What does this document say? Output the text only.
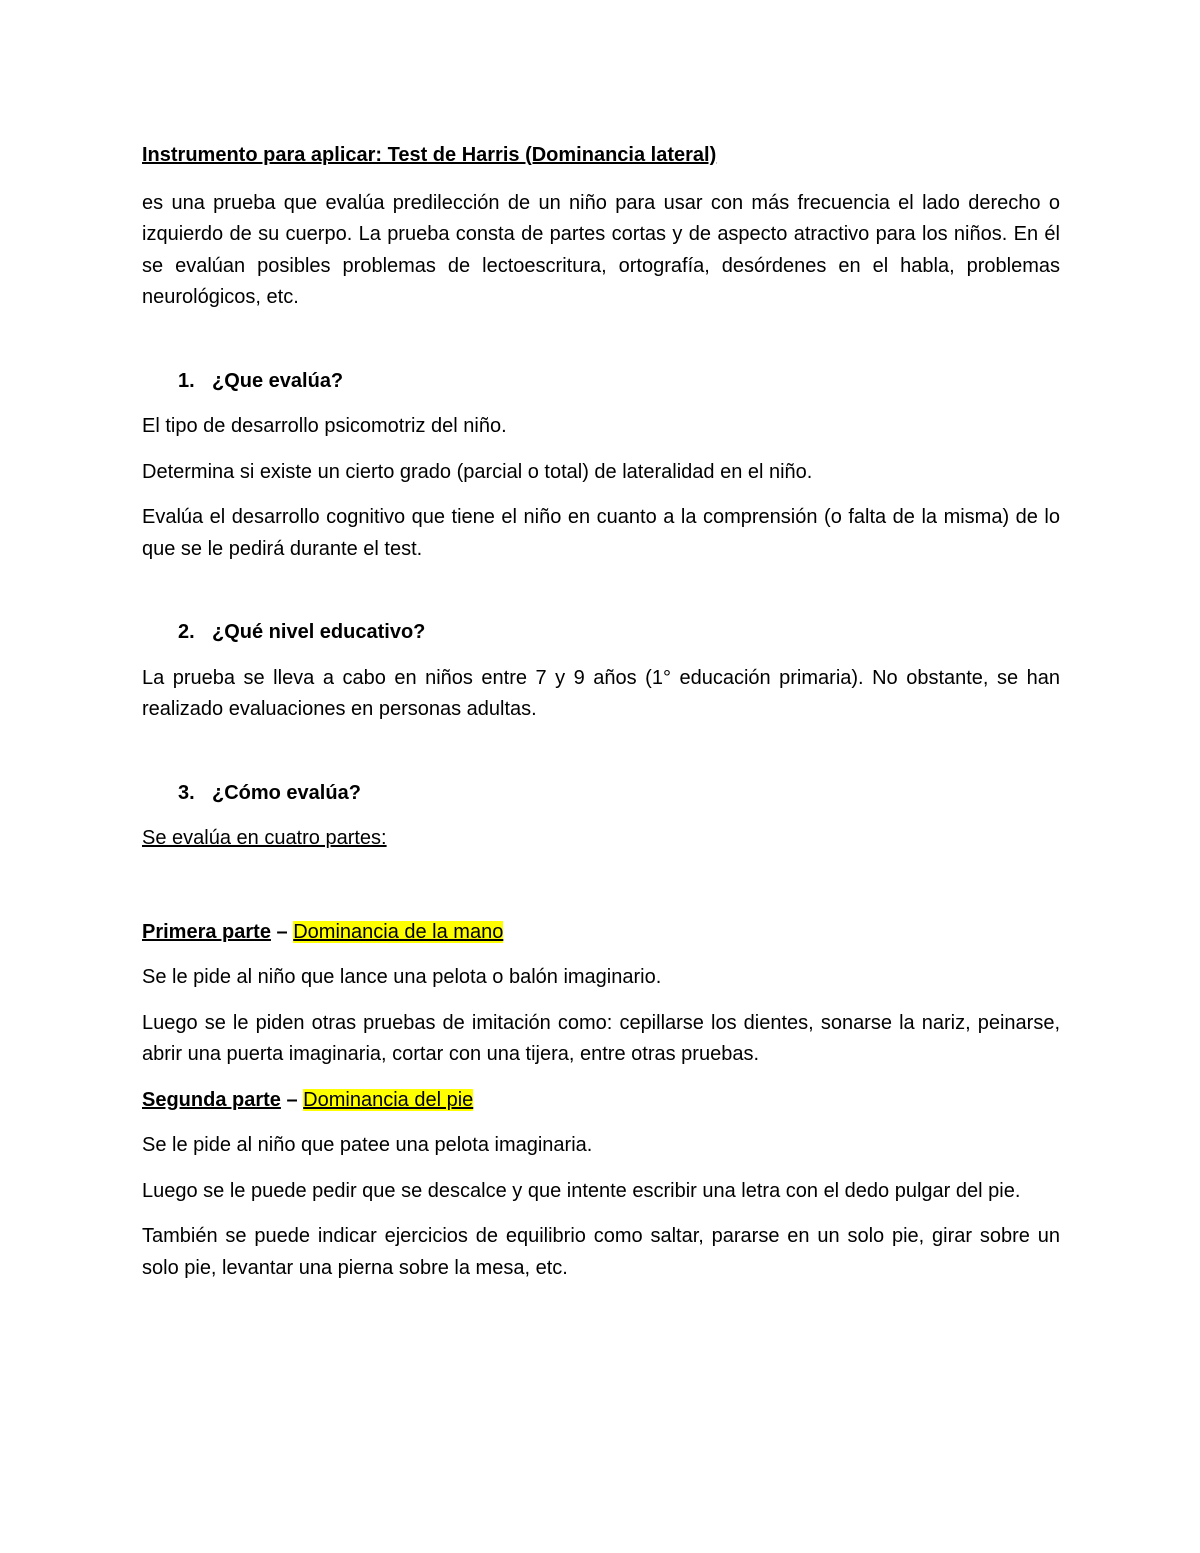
Instrumento para aplicar: Test de Harris (Dominancia lateral)

es una prueba que evalúa predilección de un niño para usar con más frecuencia el lado derecho o izquierdo de su cuerpo. La prueba consta de partes cortas y de aspecto atractivo para los niños. En él se evalúan posibles problemas de lectoescritura, ortografía, desórdenes en el habla, problemas neurológicos, etc.

1. ¿Que evalúa?

El tipo de desarrollo psicomotriz del niño.

Determina si existe un cierto grado (parcial o total) de lateralidad en el niño.

Evalúa el desarrollo cognitivo que tiene el niño en cuanto a la comprensión (o falta de la misma) de lo que se le pedirá durante el test.

2. ¿Qué nivel educativo?

La prueba se lleva a cabo en niños entre 7 y 9 años (1° educación primaria). No obstante, se han realizado evaluaciones en personas adultas.

3. ¿Cómo evalúa?

Se evalúa en cuatro partes:

Primera parte – Dominancia de la mano

Se le pide al niño que lance una pelota o balón imaginario.

Luego se le piden otras pruebas de imitación como: cepillarse los dientes, sonarse la nariz, peinarse, abrir una puerta imaginaria, cortar con una tijera, entre otras pruebas.

Segunda parte – Dominancia del pie

Se le pide al niño que patee una pelota imaginaria.

Luego se le puede pedir que se descalce y que intente escribir una letra con el dedo pulgar del pie.

También se puede indicar ejercicios de equilibrio como saltar, pararse en un solo pie, girar sobre un solo pie, levantar una pierna sobre la mesa, etc.
